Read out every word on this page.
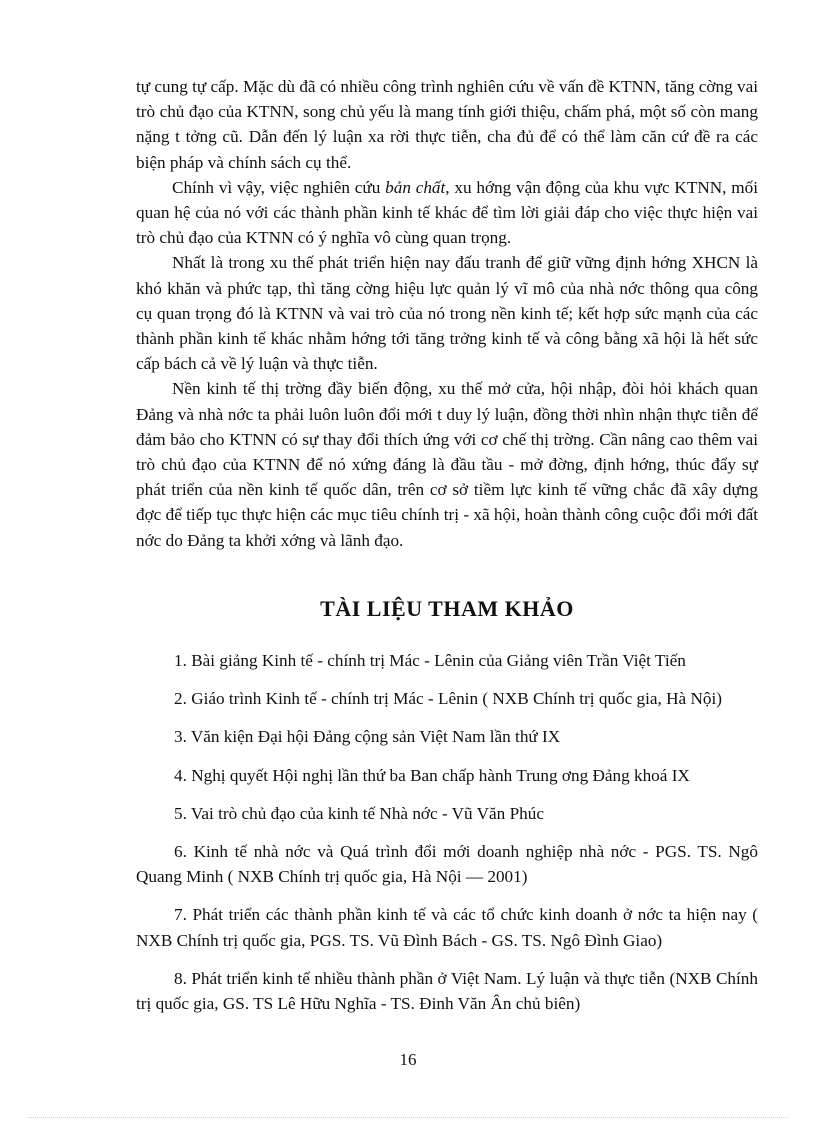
tự cung tự cấp. Mặc dù đã có nhiều công trình nghiên cứu về vấn đề KTNN, tăng cờng vai trò chủ đạo của KTNN, song chủ yếu là mang tính giới thiệu, chấm phá, một số còn mang nặng t tởng cũ. Dẫn đến lý luận xa rời thực tiễn, cha đủ để có thể làm căn cứ đề ra các biện pháp và chính sách cụ thể.

Chính vì vậy, việc nghiên cứu bản chất, xu hớng vận động của khu vực KTNN, mối quan hệ của nó với các thành phần kinh tế khác để tìm lời giải đáp cho việc thực hiện vai trò chủ đạo của KTNN có ý nghĩa vô cùng quan trọng.

Nhất là trong xu thế phát triển hiện nay đấu tranh để giữ vững định hớng XHCN là khó khăn và phức tạp, thì tăng cờng hiệu lực quản lý vĩ mô của nhà nớc thông qua công cụ quan trọng đó là KTNN và vai trò của nó trong nền kinh tế; kết hợp sức mạnh của các thành phần kinh tế khác nhằm hớng tới tăng trởng kinh tế và công bằng xã hội là hết sức cấp bách cả về lý luận và thực tiễn.

Nền kinh tế thị trờng đầy biến động, xu thế mở cửa, hội nhập, đòi hỏi khách quan Đảng và nhà nớc ta phải luôn luôn đổi mới t duy lý luận, đồng thời nhìn nhận thực tiễn để đảm bảo cho KTNN có sự thay đổi thích ứng với cơ chế thị trờng. Cần nâng cao thêm vai trò chủ đạo của KTNN để nó xứng đáng là đầu tầu - mở đờng, định hớng, thúc đẩy sự phát triển của nền kinh tế quốc dân, trên cơ sở tiềm lực kinh tế vững chắc đã xây dựng đợc để tiếp tục thực hiện các mục tiêu chính trị - xã hội, hoàn thành công cuộc đổi mới đất nớc do Đảng ta khởi xớng và lãnh đạo.

TÀI LIỆU THAM KHẢO

1. Bài giảng Kinh tế - chính trị Mác - Lênin của Giảng viên Trần Việt Tiến

2. Giáo trình Kinh tế - chính trị Mác - Lênin ( NXB Chính trị quốc gia, Hà Nội)

3. Văn kiện Đại hội Đảng cộng sản Việt Nam lần thứ IX

4. Nghị quyết Hội nghị lần thứ ba Ban chấp hành Trung ơng Đảng khoá IX

5. Vai trò chủ đạo của kinh tế Nhà nớc - Vũ Văn Phúc

6. Kinh tế nhà nớc và Quá trình đổi mới doanh nghiệp nhà nớc - PGS. TS. Ngô Quang Minh ( NXB Chính trị quốc gia, Hà Nội — 2001)

7. Phát triển các thành phần kinh tế và các tổ chức kinh doanh ở nớc ta hiện nay ( NXB Chính trị quốc gia, PGS. TS. Vũ Đình Bách - GS. TS. Ngô Đình Giao)

8. Phát triển kinh tế nhiều thành phần ở Việt Nam. Lý luận và thực tiễn (NXB Chính trị quốc gia, GS. TS Lê Hữu Nghĩa - TS. Đinh Văn Ân chủ biên)

16
